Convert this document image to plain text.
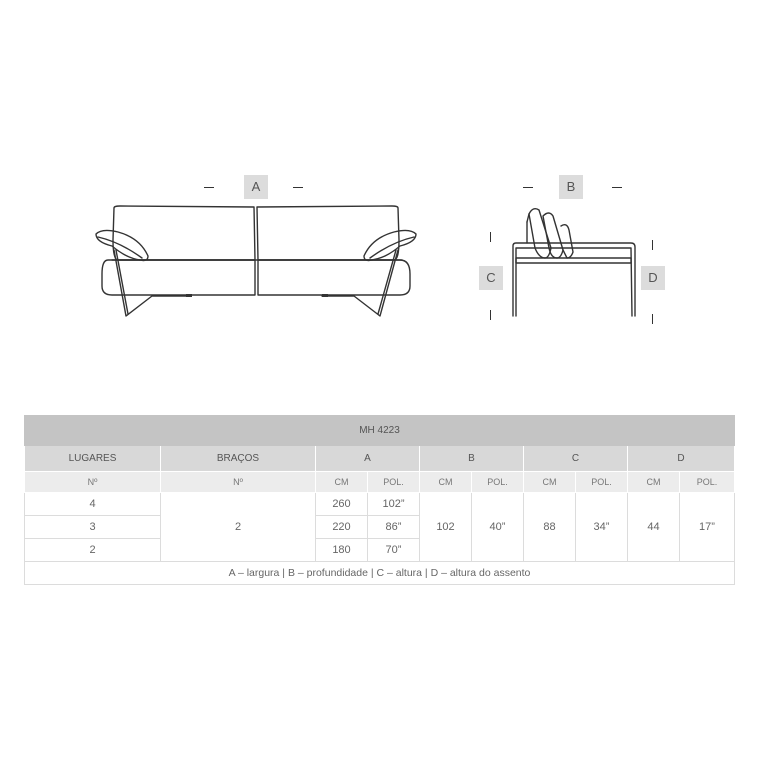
A	B
C	D
MH 4223									
LUGARES	BRAÇOS	A		B		C		D	
Nº	Nº	CM	POL.	CM	POL.	CM	POL.	CM	POL.
4	2	260	102”	102	40”	88	34”	44	17”
3		220	86”						
2		180	70”						
A – largura | B – profundidade | C – altura | D – altura do assento									
